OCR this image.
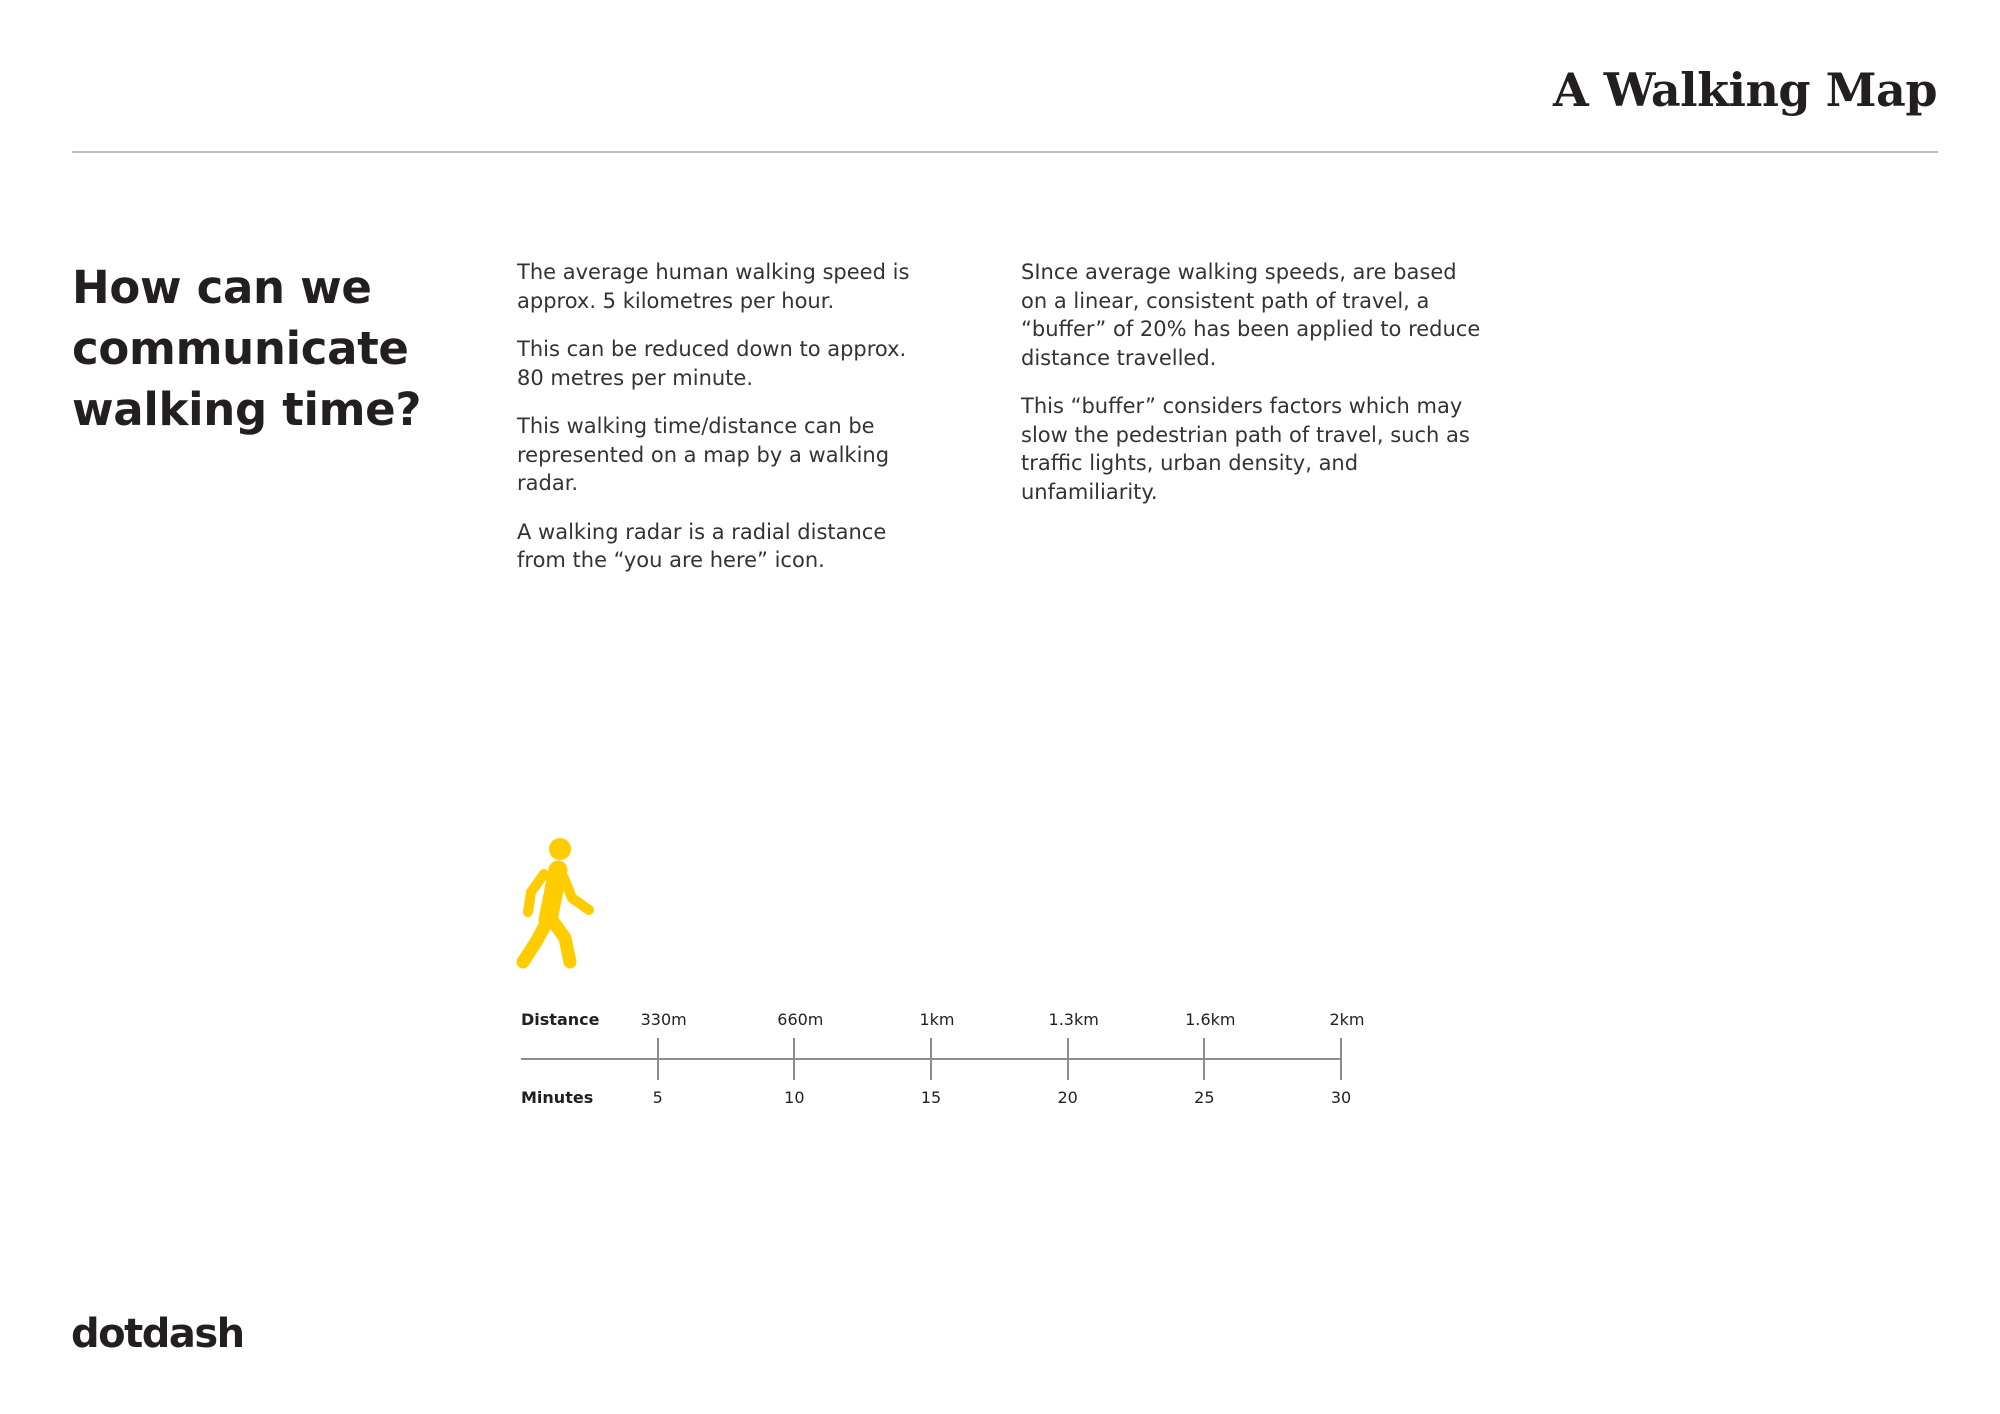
A Walking Map
How can we communicate walking time?

The average human walking speed is approx. 5 kilometres per hour.

This can be reduced down to approx. 80 metres per minute.

This walking time/distance can be represented on a map by a walking radar.

A walking radar is a radial distance from the “you are here” icon.

SInce average walking speeds, are based on a linear, consistent path of travel, a “buffer” of 20% has been applied to reduce distance travelled.

This “buffer” considers factors which may slow the pedestrian path of travel, such as traffic lights, urban density, and unfamiliarity.

Distance
Minutes
330m
5
660m
10
1km
15
1.3km
20
1.6km
25
2km
30
dotdash
